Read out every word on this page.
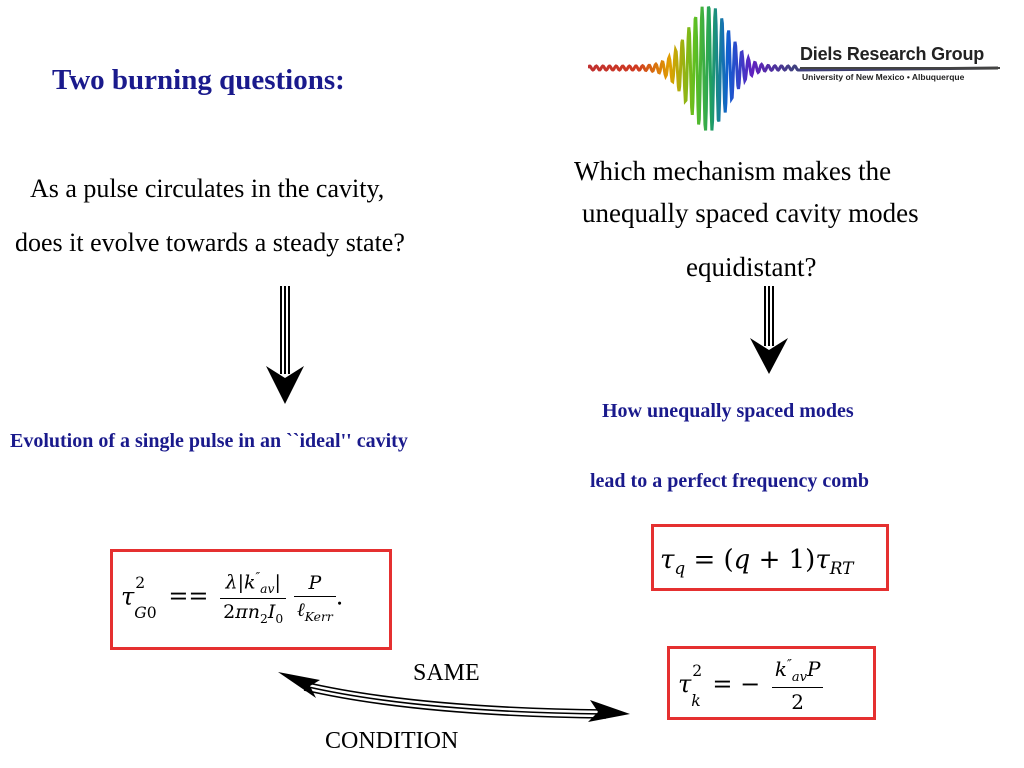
Diels Research Group
University of New Mexico • Albuquerque
Two burning questions:
As a pulse circulates in the cavity,
does it evolve towards a steady state?
Which mechanism makes the
unequally spaced cavity modes
equidistant?
How unequally spaced modes
Evolution of a single pulse in an ``ideal'' cavity
lead to a perfect frequency comb
τ 2
$_{G0} == \frac{\lambda|k''_{av}|}{2\pi n_2I_0}$
$\frac{P}{\ell_{Kerr}}$ .
$\tau_q = (q + 1)\tau_{RT}$
τ 2
$_k$ = − $\frac{k''_{av}P}{2}$
SAME
CONDITION
